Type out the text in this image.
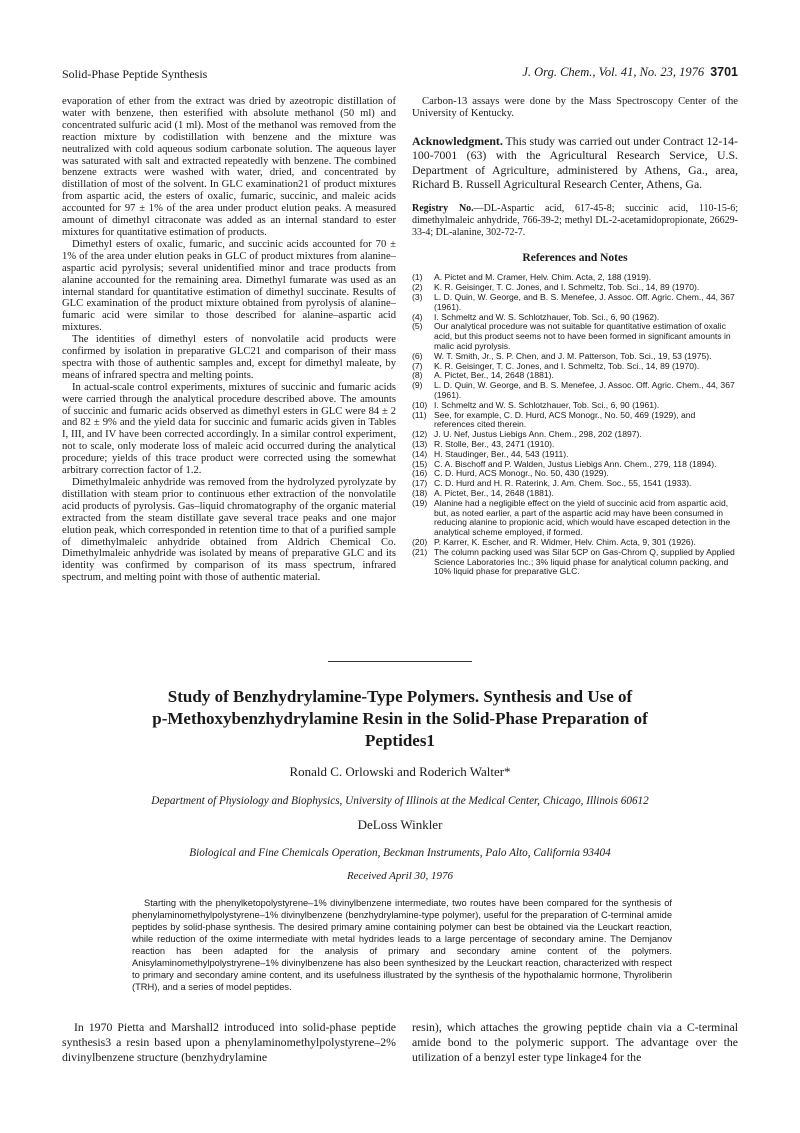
Solid-Phase Peptide Synthesis	J. Org. Chem., Vol. 41, No. 23, 1976 3701

evaporation of ether from the extract was dried by azeotropic distillation of water with benzene, then esterified with absolute methanol (50 ml) and concentrated sulfuric acid (1 ml). Most of the methanol was removed from the reaction mixture by codistillation with benzene and the mixture was neutralized with cold aqueous sodium carbonate solution. The aqueous layer was saturated with salt and extracted repeatedly with benzene. The combined benzene extracts were washed with water, dried, and concentrated by distillation of most of the solvent. In GLC examination21 of product mixtures from aspartic acid, the esters of oxalic, fumaric, succinic, and maleic acids accounted for 97 ± 1% of the area under product elution peaks. A measured amount of dimethyl citraconate was added as an internal standard to ester mixtures for quantitative estimation of products.

Dimethyl esters of oxalic, fumaric, and succinic acids accounted for 70 ± 1% of the area under elution peaks in GLC of product mixtures from alanine–aspartic acid pyrolysis; several unidentified minor and trace products from alanine accounted for the remaining area. Dimethyl fumarate was used as an internal standard for quantitative estimation of dimethyl succinate. Results of GLC examination of the product mixture obtained from pyrolysis of alanine–fumaric acid were similar to those described for alanine–aspartic acid mixtures.

The identities of dimethyl esters of nonvolatile acid products were confirmed by isolation in preparative GLC21 and comparison of their mass spectra with those of authentic samples and, except for dimethyl maleate, by means of infrared spectra and melting points.

In actual-scale control experiments, mixtures of succinic and fumaric acids were carried through the analytical procedure described above. The amounts of succinic and fumaric acids observed as dimethyl esters in GLC were 84 ± 2 and 82 ± 9% and the yield data for succinic and fumaric acids given in Tables I, III, and IV have been corrected accordingly. In a similar control experiment, not to scale, only moderate loss of maleic acid occurred during the analytical procedure; yields of this trace product were corrected using the somewhat arbitrary correction factor of 1.2.

Dimethylmaleic anhydride was removed from the hydrolyzed pyrolyzate by distillation with steam prior to continuous ether extraction of the nonvolatile acid products of pyrolysis. Gas–liquid chromatography of the organic material extracted from the steam distillate gave several trace peaks and one major elution peak, which corresponded in retention time to that of a purified sample of dimethylmaleic anhydride obtained from Aldrich Chemical Co. Dimethylmaleic anhydride was isolated by means of preparative GLC and its identity was confirmed by comparison of its mass spectrum, infrared spectrum, and melting point with those of authentic material.

Carbon-13 assays were done by the Mass Spectroscopy Center of the University of Kentucky.

Acknowledgment. This study was carried out under Contract 12-14-100-7001 (63) with the Agricultural Research Service, U.S. Department of Agriculture, administered by Athens, Ga., area, Richard B. Russell Agricultural Research Center, Athens, Ga.

Registry No.—DL-Aspartic acid, 617-45-8; succinic acid, 110-15-6; dimethylmaleic anhydride, 766-39-2; methyl DL-2-acetamidopropionate, 26629-33-4; DL-alanine, 302-72-7.

References and Notes
(1)	A. Pictet and M. Cramer, Helv. Chim. Acta, 2, 188 (1919).
(2)	K. R. Geisinger, T. C. Jones, and I. Schmeltz, Tob. Sci., 14, 89 (1970).
(3)	L. D. Quin, W. George, and B. S. Menefee, J. Assoc. Off. Agric. Chem., 44, 367 (1961).
(4)	I. Schmeltz and W. S. Schlotzhauer, Tob. Sci., 6, 90 (1962).
(5)	Our analytical procedure was not suitable for quantitative estimation of oxalic acid, but this product seems not to have been formed in significant amounts in malic acid pyrolysis.
(6)	W. T. Smith, Jr., S. P. Chen, and J. M. Patterson, Tob. Sci., 19, 53 (1975).
(7)	K. R. Geisinger, T. C. Jones, and I. Schmeltz, Tob. Sci., 14, 89 (1970).
(8)	A. Pictet, Ber., 14, 2648 (1881).
(9)	L. D. Quin, W. George, and B. S. Menefee, J. Assoc. Off. Agric. Chem., 44, 367 (1961).
(10) I. Schmeltz and W. S. Schlotzhauer, Tob. Sci., 6, 90 (1961).
(11) See, for example, C. D. Hurd, ACS Monogr., No. 50, 469 (1929), and references cited therein.
(12) J. U. Nef, Justus Liebigs Ann. Chem., 298, 202 (1897).
(13) R. Stolle, Ber., 43, 2471 (1910).
(14) H. Staudinger, Ber., 44, 543 (1911).
(15) C. A. Bischoff and P. Walden, Justus Liebigs Ann. Chem., 279, 118 (1894).
(16) C. D. Hurd, ACS Monogr., No. 50, 430 (1929).
(17) C. D. Hurd and H. R. Raterink, J. Am. Chem. Soc., 55, 1541 (1933).
(18) A. Pictet, Ber., 14, 2648 (1881).
(19) Alanine had a negligible effect on the yield of succinic acid from aspartic acid, but, as noted earlier, a part of the aspartic acid may have been consumed in reducing alanine to propionic acid, which would have escaped detection in the analytical scheme employed, if formed.
(20) P. Karrer, K. Escher, and R. Widmer, Helv. Chim. Acta, 9, 301 (1926).
(21) The column packing used was Silar 5CP on Gas-Chrom Q, supplied by Applied Science Laboratories Inc.; 3% liquid phase for analytical column packing, and 10% liquid phase for preparative GLC.
Study of Benzhydrylamine-Type Polymers. Synthesis and Use of
p-Methoxybenzhydrylamine Resin in the Solid-Phase Preparation of
Peptides1
Ronald C. Orlowski and Roderich Walter*
Department of Physiology and Biophysics, University of Illinois at the Medical Center, Chicago, Illinois 60612
DeLoss Winkler
Biological and Fine Chemicals Operation, Beckman Instruments, Palo Alto, California 93404
Received April 30, 1976

Starting with the phenylketopolystyrene–1% divinylbenzene intermediate, two routes have been compared for the synthesis of phenylaminomethylpolystyrene–1% divinylbenzene (benzhydrylamine-type polymer), useful for the preparation of C-terminal amide peptides by solid-phase synthesis. The desired primary amine containing polymer can best be obtained via the Leuckart reaction, while reduction of the oxime intermediate with metal hydrides leads to a large percentage of secondary amine. The Demjanov reaction has been adapted for the analysis of primary and secondary amine content of the polymers. Anisylaminomethylpolystryrene–1% divinylbenzene has also been synthesized by the Leuckart reaction, characterized with respect to primary and secondary amine content, and its usefulness illustrated by the synthesis of the hypothalamic hormone, Thyroliberin (TRH), and a series of model peptides.

In 1970 Pietta and Marshall2 introduced into solid-phase peptide synthesis3 a resin based upon a phenylaminomethylpolystyrene–2% divinylbenzene structure (benzhydrylamine

resin), which attaches the growing peptide chain via a C-terminal amide bond to the polymeric support. The advantage over the utilization of a benzyl ester type linkage4 for the
